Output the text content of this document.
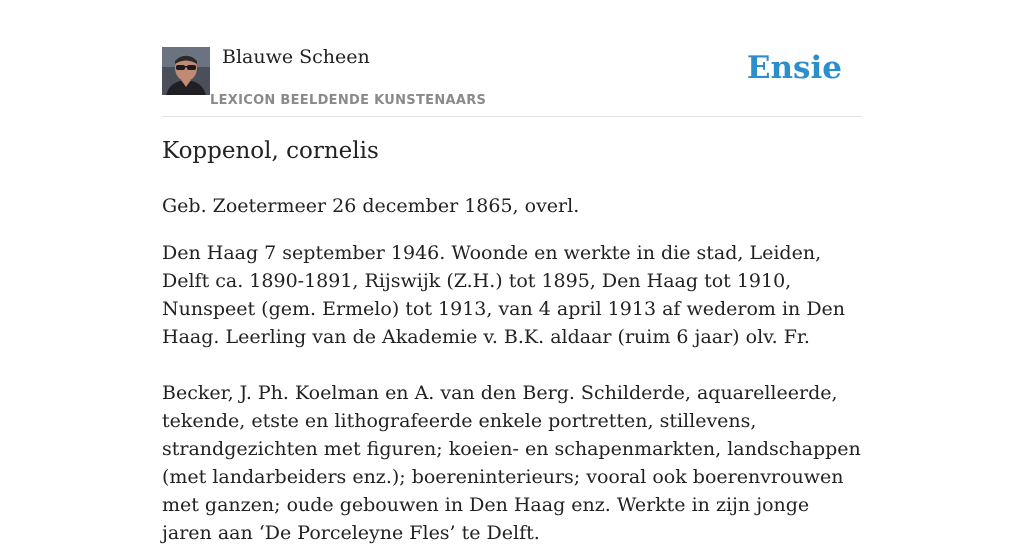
Blauwe Scheen
LEXICON BEELDENDE KUNSTENAARS
Ensie
Koppenol, cornelis

Geb. Zoetermeer 26 december 1865, overl.

Den Haag 7 september 1946. Woonde en werkte in die stad, Leiden, Delft ca. 1890-1891, Rijswijk (Z.H.) tot 1895, Den Haag tot 1910, Nunspeet (gem. Ermelo) tot 1913, van 4 april 1913 af wederom in Den Haag. Leerling van de Akademie v. B.K. aldaar (ruim 6 jaar) olv. Fr.

Becker, J. Ph. Koelman en A. van den Berg. Schilderde, aquarelleerde, tekende, etste en lithografeerde enkele portretten, stillevens, strandgezichten met figuren; koeien- en schapenmarkten, landschappen (met landarbeiders enz.); boereninterieurs; vooral ook boerenvrouwen met ganzen; oude gebouwen in Den Haag enz. Werkte in zijn jonge jaren aan ‘De Porceleyne Fles’ te Delft.
